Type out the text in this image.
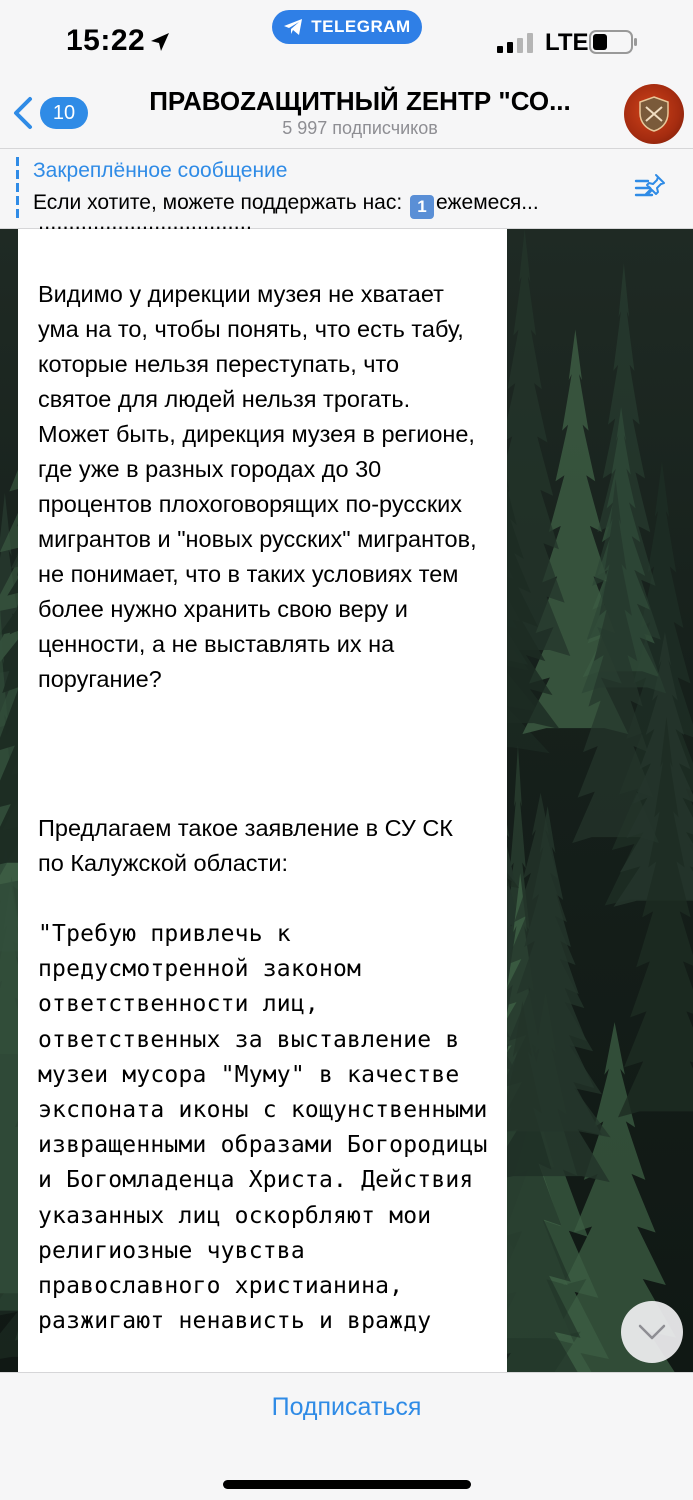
15:22	TELEGRAM
LTE
10	ПРАВОZАЩИТНЫЙ ZЕНТР "СО...
5 997 подписчиков
Закреплённое сообщение
Если хотите, можете поддержать нас: 1 ежемеся...
...................................
Видимо у дирекции музея не хватает ума на то, чтобы понять, что есть табу, которые нельзя переступать, что святое для людей нельзя трогать. Может быть, дирекция музея в регионе, где уже в разных городах до 30 процентов плохоговорящих по-русских мигрантов и "новых русских" мигрантов, не понимает, что в таких условиях тем более нужно хранить свою веру и ценности, а не выставлять их на поругание?
Предлагаем такое заявление в СУ СК по Калужской области:
"Требую привлечь к предусмотренной законом ответственности лиц, ответственных за выставление в музеи мусора "Муму" в качестве экспоната иконы с кощунственными извращенными образами Богородицы и Богомладенца Христа. Действия указанных лиц оскорбляют мои религиозные чувства православного христианина, разжигают ненависть и вражду
Подписаться
